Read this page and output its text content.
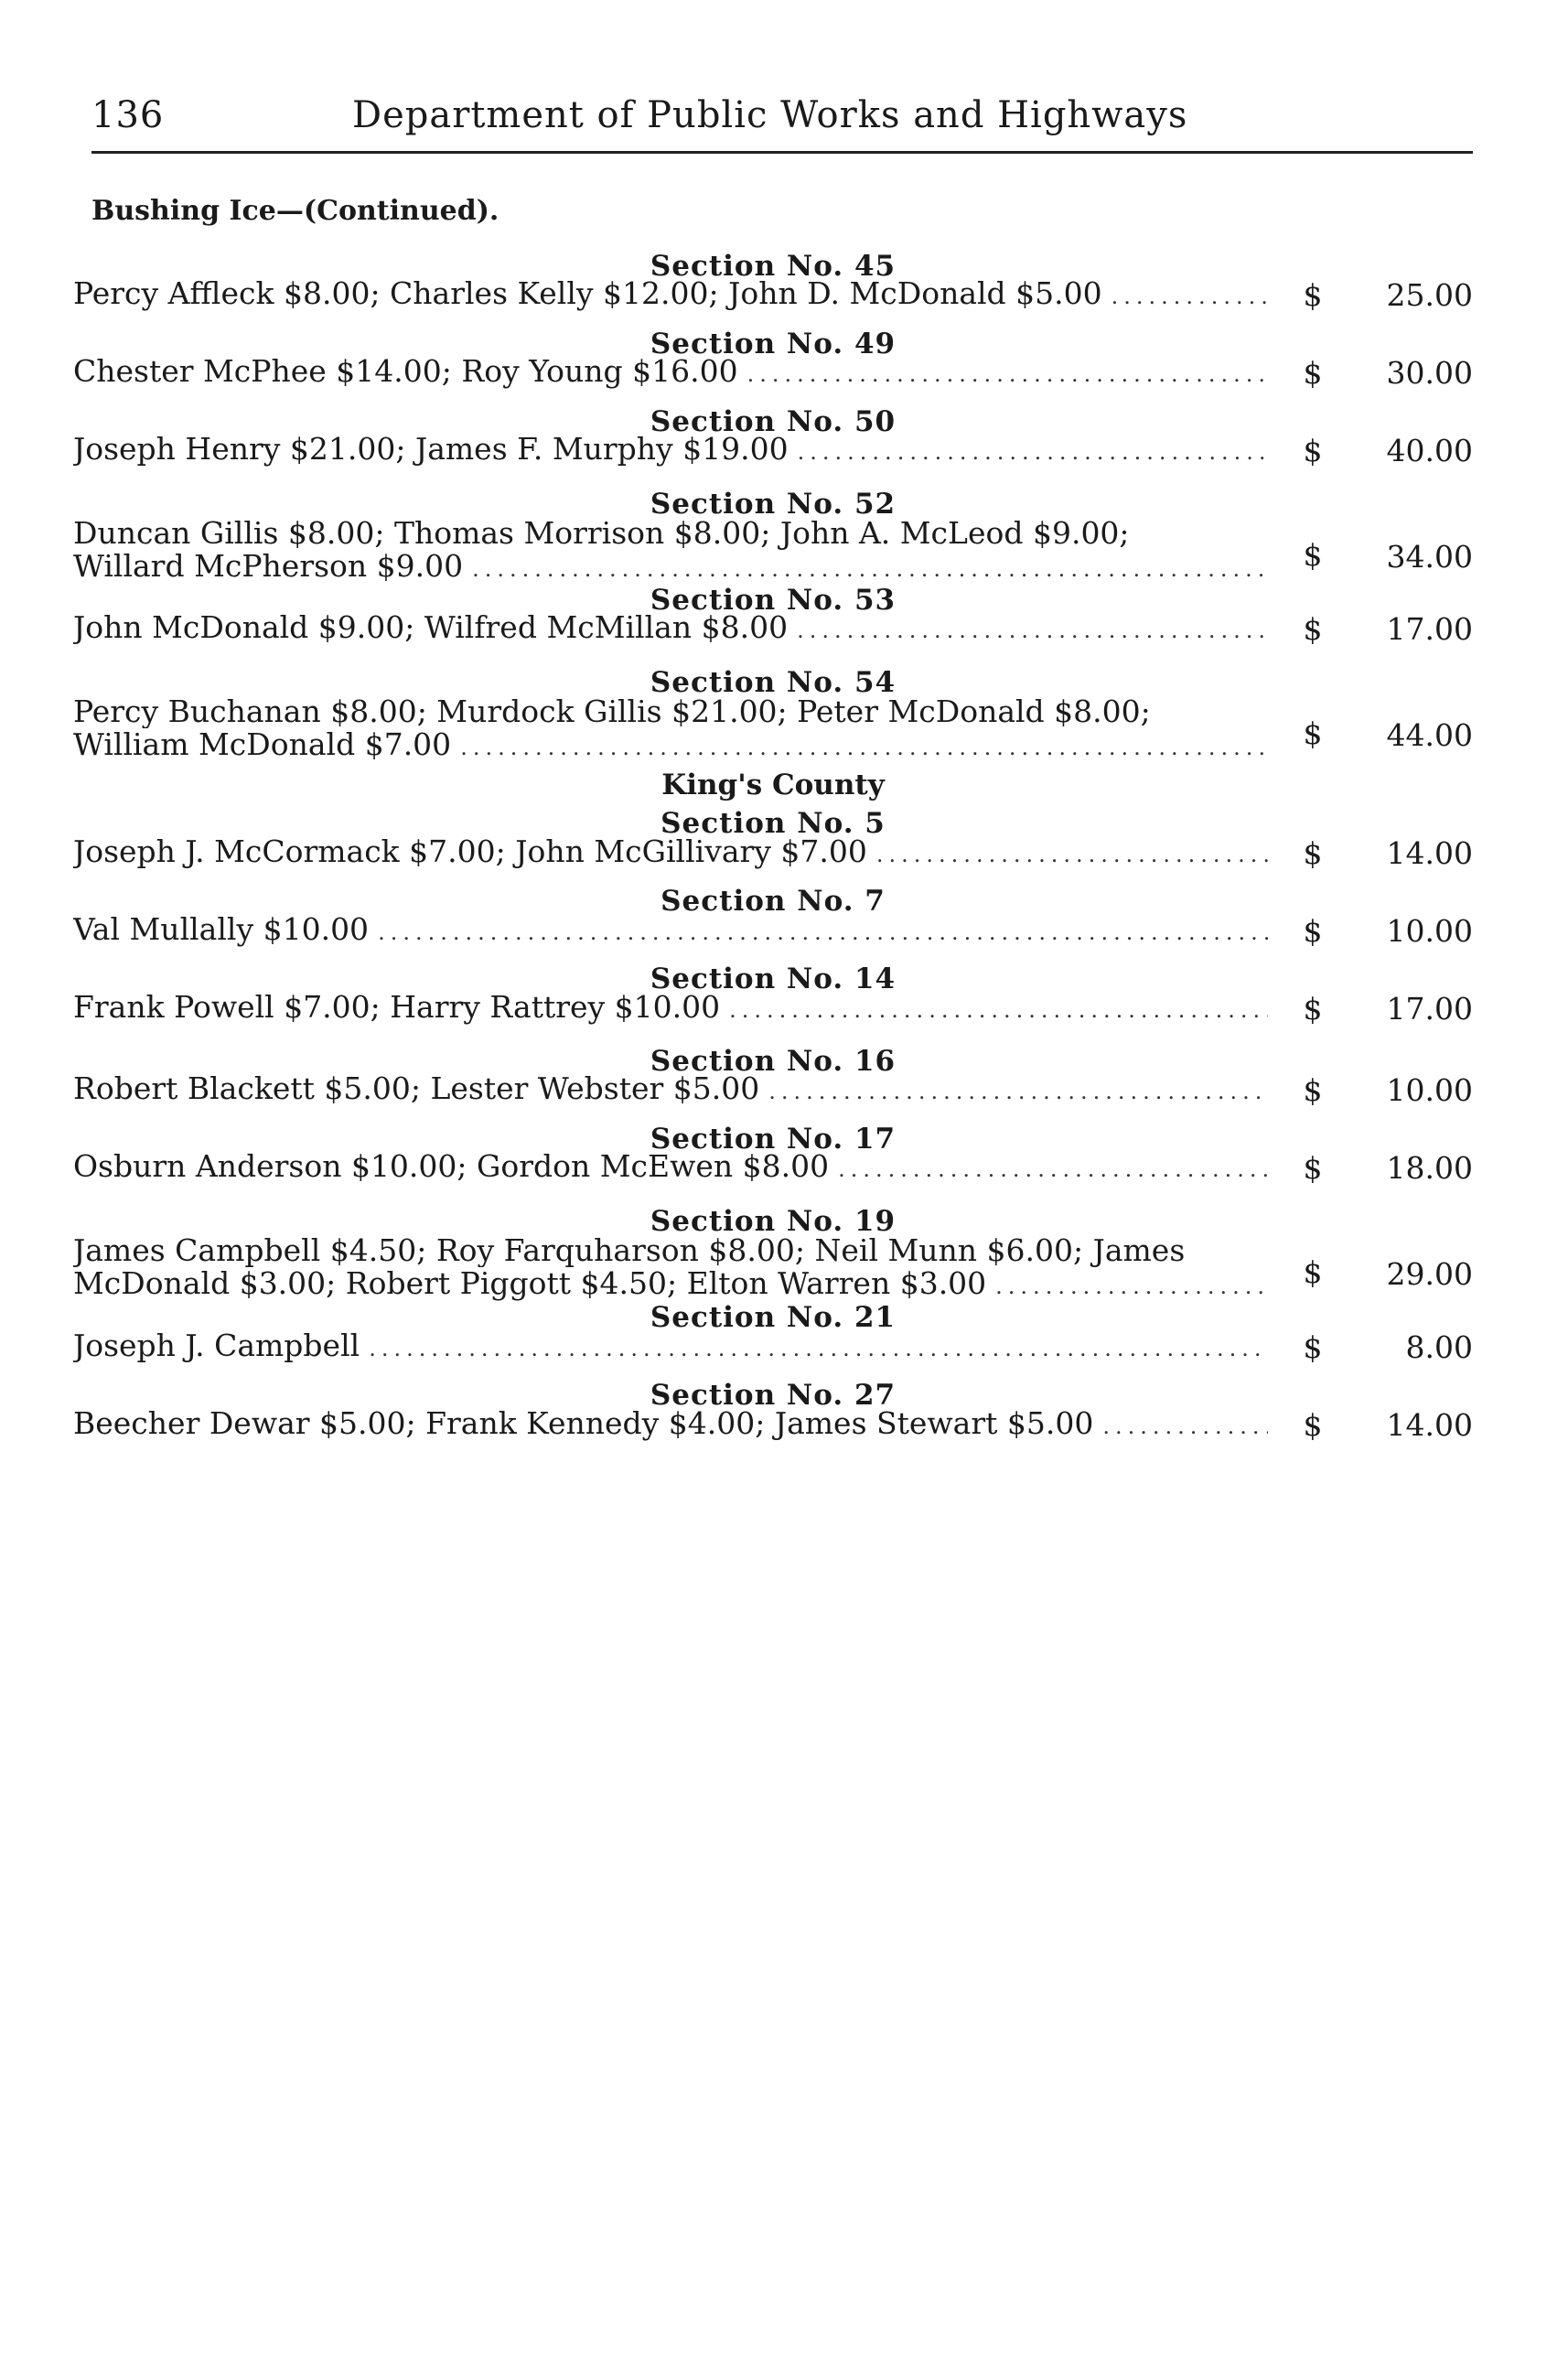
136	Department of Public Works and Highways
Bushing Ice—(Continued).
Section No. 45
Percy Affleck $8.00; Charles Kelly $12.00; John D. McDonald $5.00 .....	$	25.00
Section No. 49
Chester McPhee $14.00; Roy Young $16.00 .....	$	30.00
Section No. 50
Joseph Henry $21.00; James F. Murphy $19.00 .....	$	40.00
Section No. 52
Duncan Gillis $8.00; Thomas Morrison $8.00; John A. McLeod $9.00;
Willard McPherson $9.00 .....	$	34.00
Section No. 53
John McDonald $9.00; Wilfred McMillan $8.00 .....	$	17.00
Section No. 54
Percy Buchanan $8.00; Murdock Gillis $21.00; Peter McDonald $8.00;
William McDonald $7.00 .....	$	44.00
King's County
Section No. 5
Joseph J. McCormack $7.00; John McGillivary $7.00 .....	$	14.00
Section No. 7
Val Mullally $10.00 .....	$	10.00
Section No. 14
Frank Powell $7.00; Harry Rattrey $10.00 .....	$	17.00
Section No. 16
Robert Blackett $5.00; Lester Webster $5.00 .....	$	10.00
Section No. 17
Osburn Anderson $10.00; Gordon McEwen $8.00 .....	$	18.00
Section No. 19
James Campbell $4.50; Roy Farquharson $8.00; Neil Munn $6.00; James
McDonald $3.00; Robert Piggott $4.50; Elton Warren $3.00 .....	$	29.00
Section No. 21
Joseph J. Campbell .....	$	8.00
Section No. 27
Beecher Dewar $5.00; Frank Kennedy $4.00; James Stewart $5.00 .....	$	14.00
